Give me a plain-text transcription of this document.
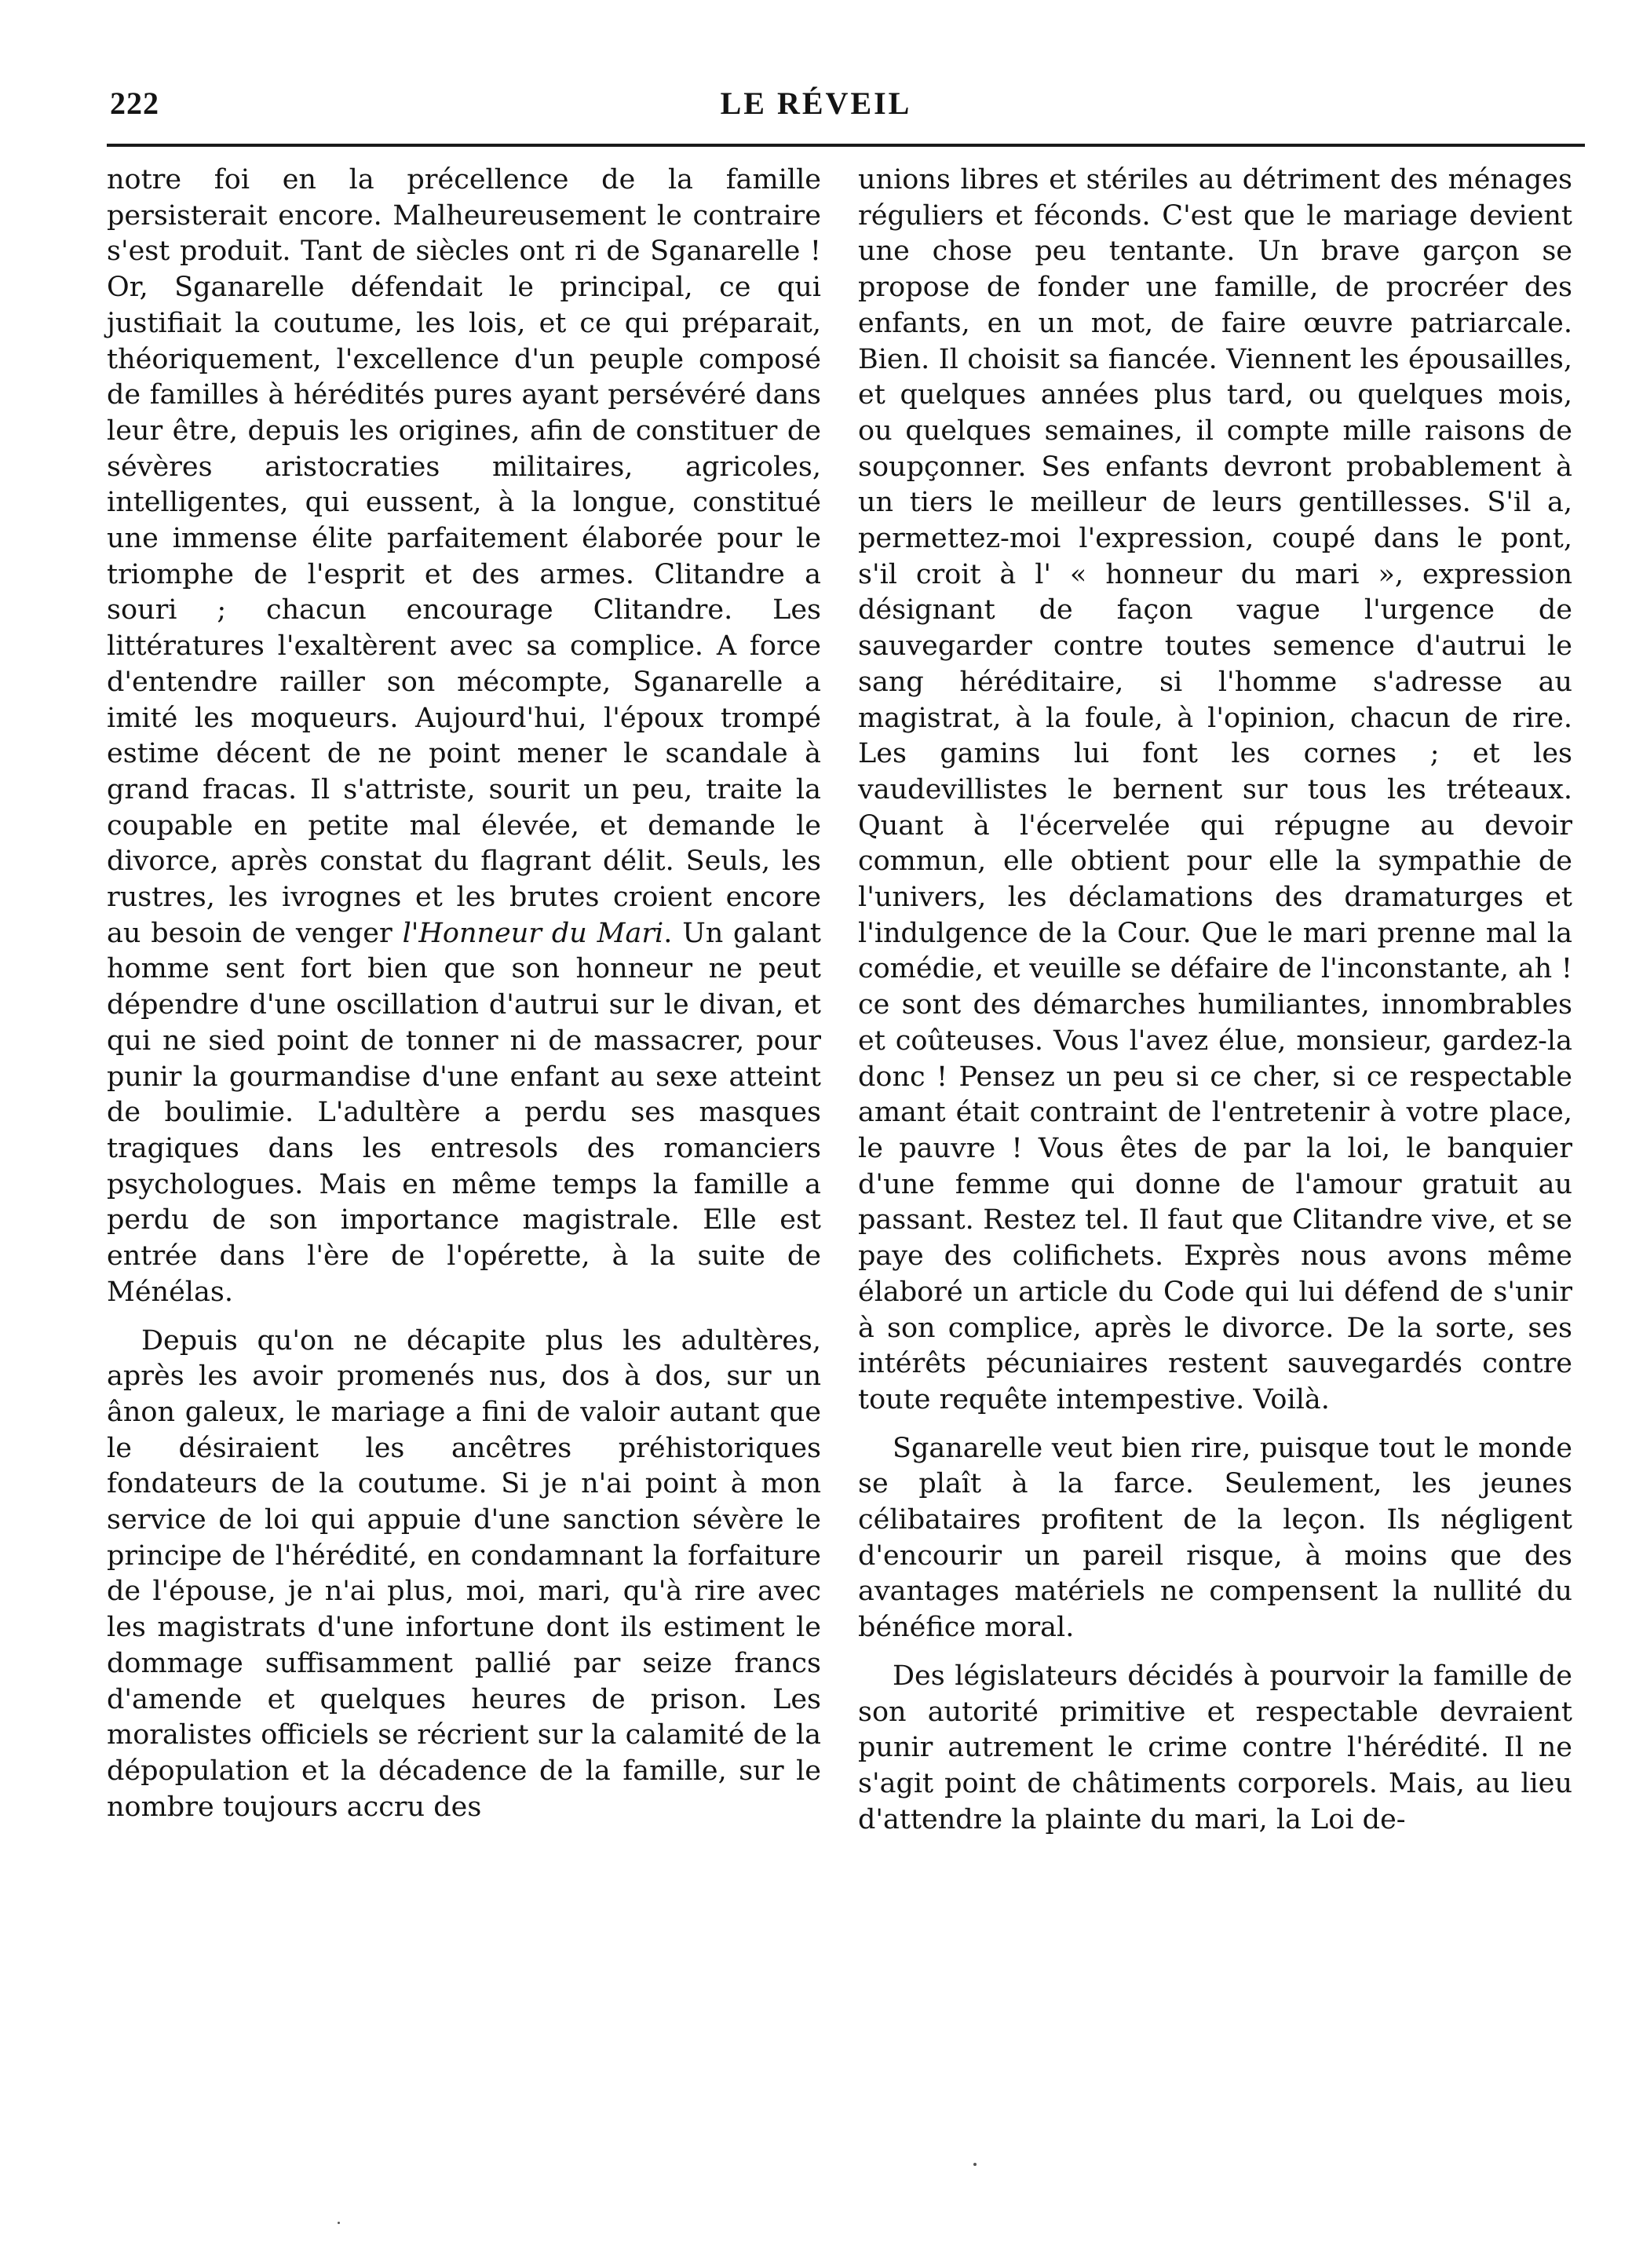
222	LE RÉVEIL

notre foi en la précellence de la famille persisterait encore. Malheureusement le contraire s'est produit. Tant de siècles ont ri de Sganarelle ! Or, Sganarelle défendait le principal, ce qui justifiait la coutume, les lois, et ce qui préparait, théoriquement, l'excellence d'un peuple composé de familles à hérédités pures ayant persévéré dans leur être, depuis les origines, afin de constituer de sévères aristocraties militaires, agricoles, intelligentes, qui eussent, à la longue, constitué une immense élite parfaitement élaborée pour le triomphe de l'esprit et des armes. Clitandre a souri ; chacun encourage Clitandre. Les littératures l'exaltèrent avec sa complice. A force d'entendre railler son mécompte, Sganarelle a imité les moqueurs. Aujourd'hui, l'époux trompé estime décent de ne point mener le scandale à grand fracas. Il s'attriste, sourit un peu, traite la coupable en petite mal élevée, et demande le divorce, après constat du flagrant délit. Seuls, les rustres, les ivrognes et les brutes croient encore au besoin de venger l'Honneur du Mari. Un galant homme sent fort bien que son honneur ne peut dépendre d'une oscillation d'autrui sur le divan, et qui ne sied point de tonner ni de massacrer, pour punir la gourmandise d'une enfant au sexe atteint de boulimie. L'adultère a perdu ses masques tragiques dans les entresols des romanciers psychologues. Mais en même temps la famille a perdu de son importance magistrale. Elle est entrée dans l'ère de l'opérette, à la suite de Ménélas.

Depuis qu'on ne décapite plus les adultères, après les avoir promenés nus, dos à dos, sur un ânon galeux, le mariage a fini de valoir autant que le désiraient les ancêtres préhistoriques fondateurs de la coutume. Si je n'ai point à mon service de loi qui appuie d'une sanction sévère le principe de l'hérédité, en condamnant la forfaiture de l'épouse, je n'ai plus, moi, mari, qu'à rire avec les magistrats d'une infortune dont ils estiment le dommage suffisamment pallié par seize francs d'amende et quelques heures de prison. Les moralistes officiels se récrient sur la calamité de la dépopulation et la décadence de la famille, sur le nombre toujours accru des

unions libres et stériles au détriment des ménages réguliers et féconds. C'est que le mariage devient une chose peu tentante. Un brave garçon se propose de fonder une famille, de procréer des enfants, en un mot, de faire œuvre patriarcale. Bien. Il choisit sa fiancée. Viennent les épousailles, et quelques années plus tard, ou quelques mois, ou quelques semaines, il compte mille raisons de soupçonner. Ses enfants devront probablement à un tiers le meilleur de leurs gentillesses. S'il a, permettez-moi l'expression, coupé dans le pont, s'il croit à l' « honneur du mari », expression désignant de façon vague l'urgence de sauvegarder contre toutes semence d'autrui le sang héréditaire, si l'homme s'adresse au magistrat, à la foule, à l'opinion, chacun de rire. Les gamins lui font les cornes ; et les vaudevillistes le bernent sur tous les tréteaux. Quant à l'écervelée qui répugne au devoir commun, elle obtient pour elle la sympathie de l'univers, les déclamations des dramaturges et l'indulgence de la Cour. Que le mari prenne mal la comédie, et veuille se défaire de l'inconstante, ah ! ce sont des démarches humiliantes, innombrables et coûteuses. Vous l'avez élue, monsieur, gardez-la donc ! Pensez un peu si ce cher, si ce respectable amant était contraint de l'entretenir à votre place, le pauvre ! Vous êtes de par la loi, le banquier d'une femme qui donne de l'amour gratuit au passant. Restez tel. Il faut que Clitandre vive, et se paye des colifichets. Exprès nous avons même élaboré un article du Code qui lui défend de s'unir à son complice, après le divorce. De la sorte, ses intérêts pécuniaires restent sauvegardés contre toute requête intempestive. Voilà.

Sganarelle veut bien rire, puisque tout le monde se plaît à la farce. Seulement, les jeunes célibataires profitent de la leçon. Ils négligent d'encourir un pareil risque, à moins que des avantages matériels ne compensent la nullité du bénéfice moral.

Des législateurs décidés à pourvoir la famille de son autorité primitive et respectable devraient punir autrement le crime contre l'hérédité. Il ne s'agit point de châtiments corporels. Mais, au lieu d'attendre la plainte du mari, la Loi de-
